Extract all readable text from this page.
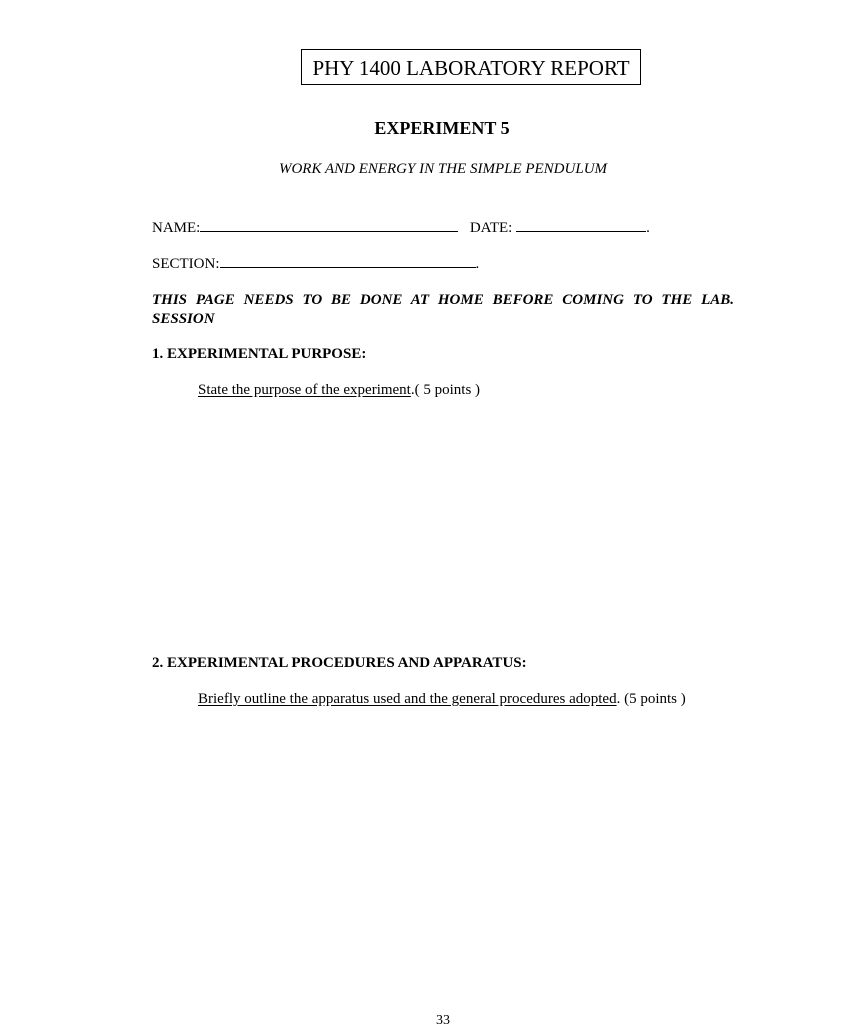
PHY 1400 LABORATORY REPORT
EXPERIMENT 5
WORK AND ENERGY IN THE SIMPLE PENDULUM
NAME:	DATE:	.
SECTION:	.
THIS PAGE NEEDS TO BE DONE AT HOME BEFORE COMING TO THE LAB.
SESSION
1. EXPERIMENTAL PURPOSE:
State the purpose of the experiment.( 5 points )
2. EXPERIMENTAL PROCEDURES AND APPARATUS:
Briefly outline the apparatus used and the general procedures adopted. (5 points )
33
